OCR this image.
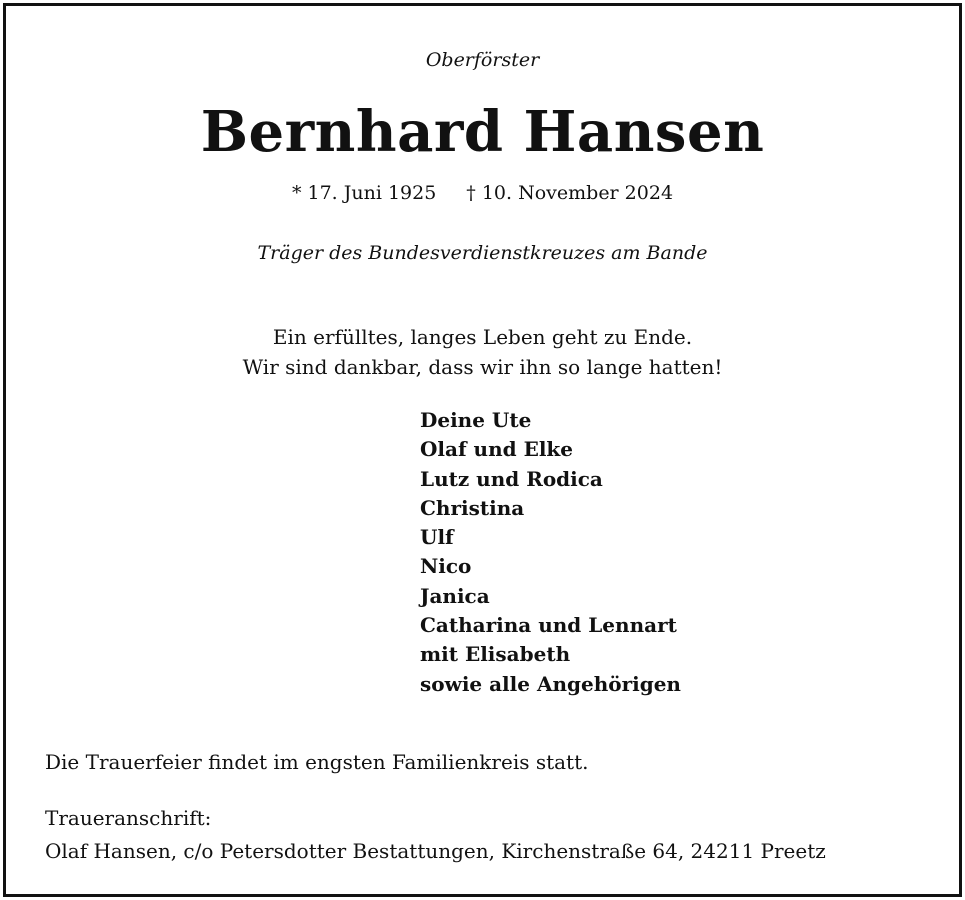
Oberförster
Bernhard Hansen
* 17. Juni 1925 † 10. November 2024
Träger des Bundesverdienstkreuzes am Bande
Ein erfülltes, langes Leben geht zu Ende.
Wir sind dankbar, dass wir ihn so lange hatten!
Deine Ute
Olaf und Elke
Lutz und Rodica
Christina
Ulf
Nico
Janica
Catharina und Lennart
mit Elisabeth
sowie alle Angehörigen
Die Trauerfeier findet im engsten Familienkreis statt.
Traueranschrift:
Olaf Hansen, c/o Petersdotter Bestattungen, Kirchenstraße 64, 24211 Preetz
